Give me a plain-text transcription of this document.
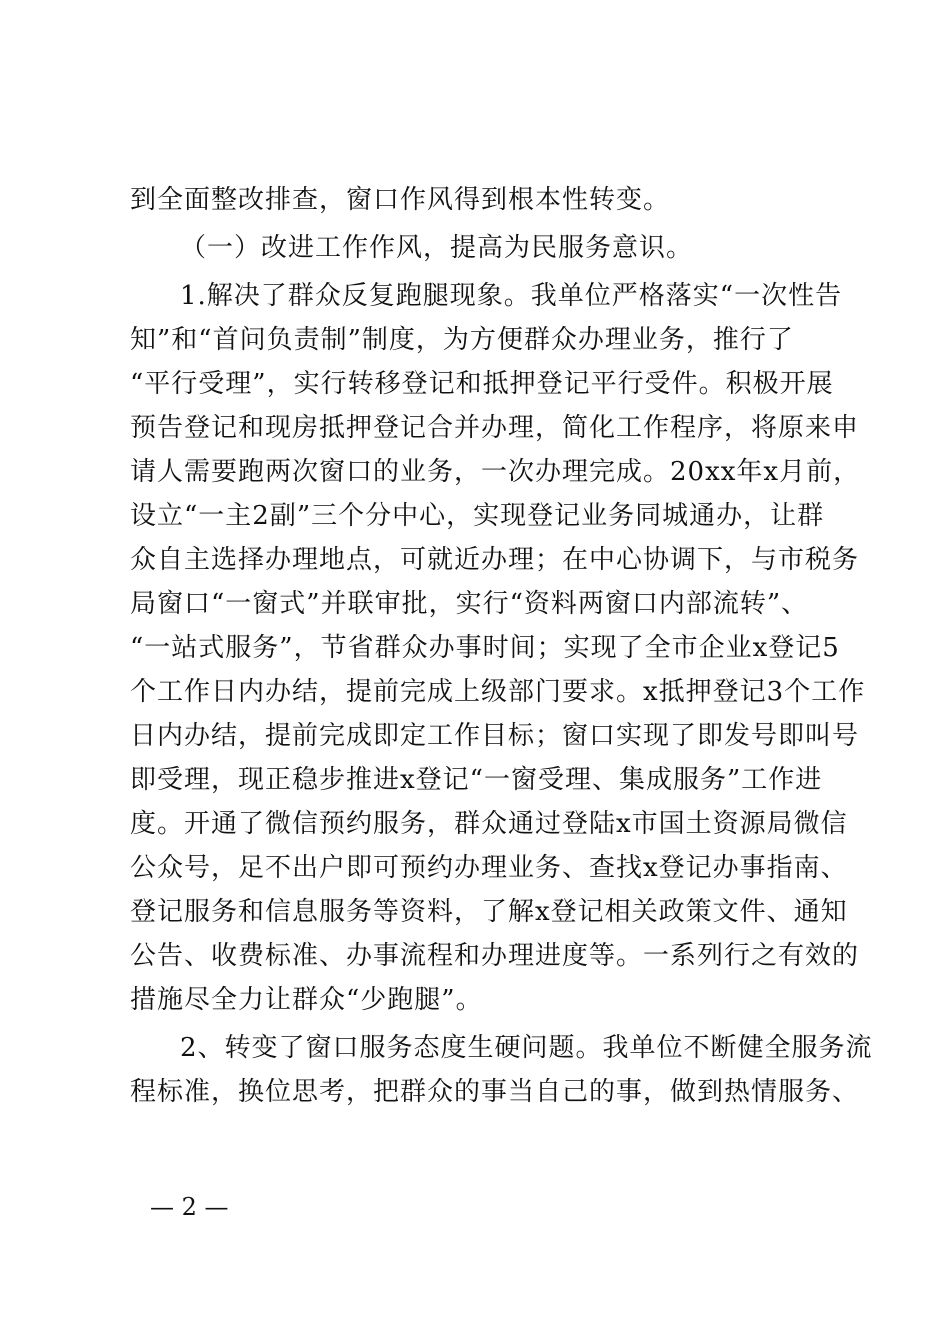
到全面整改排查，窗口作风得到根本性转变。
（一）改进工作作风，提高为民服务意识。
1.解决了群众反复跑腿现象。我单位严格落实“一次性告
知”和“首问负责制”制度，为方便群众办理业务，推行了
“平行受理”，实行转移登记和抵押登记平行受件。积极开展
预告登记和现房抵押登记合并办理，简化工作程序，将原来申
请人需要跑两次窗口的业务，一次办理完成。20xx年x月前，
设立“一主2副”三个分中心，实现登记业务同城通办，让群
众自主选择办理地点，可就近办理；在中心协调下，与市税务
局窗口“一窗式”并联审批，实行“资料两窗口内部流转”、
“一站式服务”，节省群众办事时间；实现了全市企业x登记5
个工作日内办结，提前完成上级部门要求。x抵押登记3个工作
日内办结，提前完成即定工作目标；窗口实现了即发号即叫号
即受理，现正稳步推进x登记“一窗受理、集成服务”工作进
度。开通了微信预约服务，群众通过登陆x市国土资源局微信
公众号，足不出户即可预约办理业务、查找x登记办事指南、
登记服务和信息服务等资料，了解x登记相关政策文件、通知
公告、收费标准、办事流程和办理进度等。一系列行之有效的
措施尽全力让群众“少跑腿”。
2、转变了窗口服务态度生硬问题。我单位不断健全服务流
程标准，换位思考，把群众的事当自己的事，做到热情服务、
— 2 —
